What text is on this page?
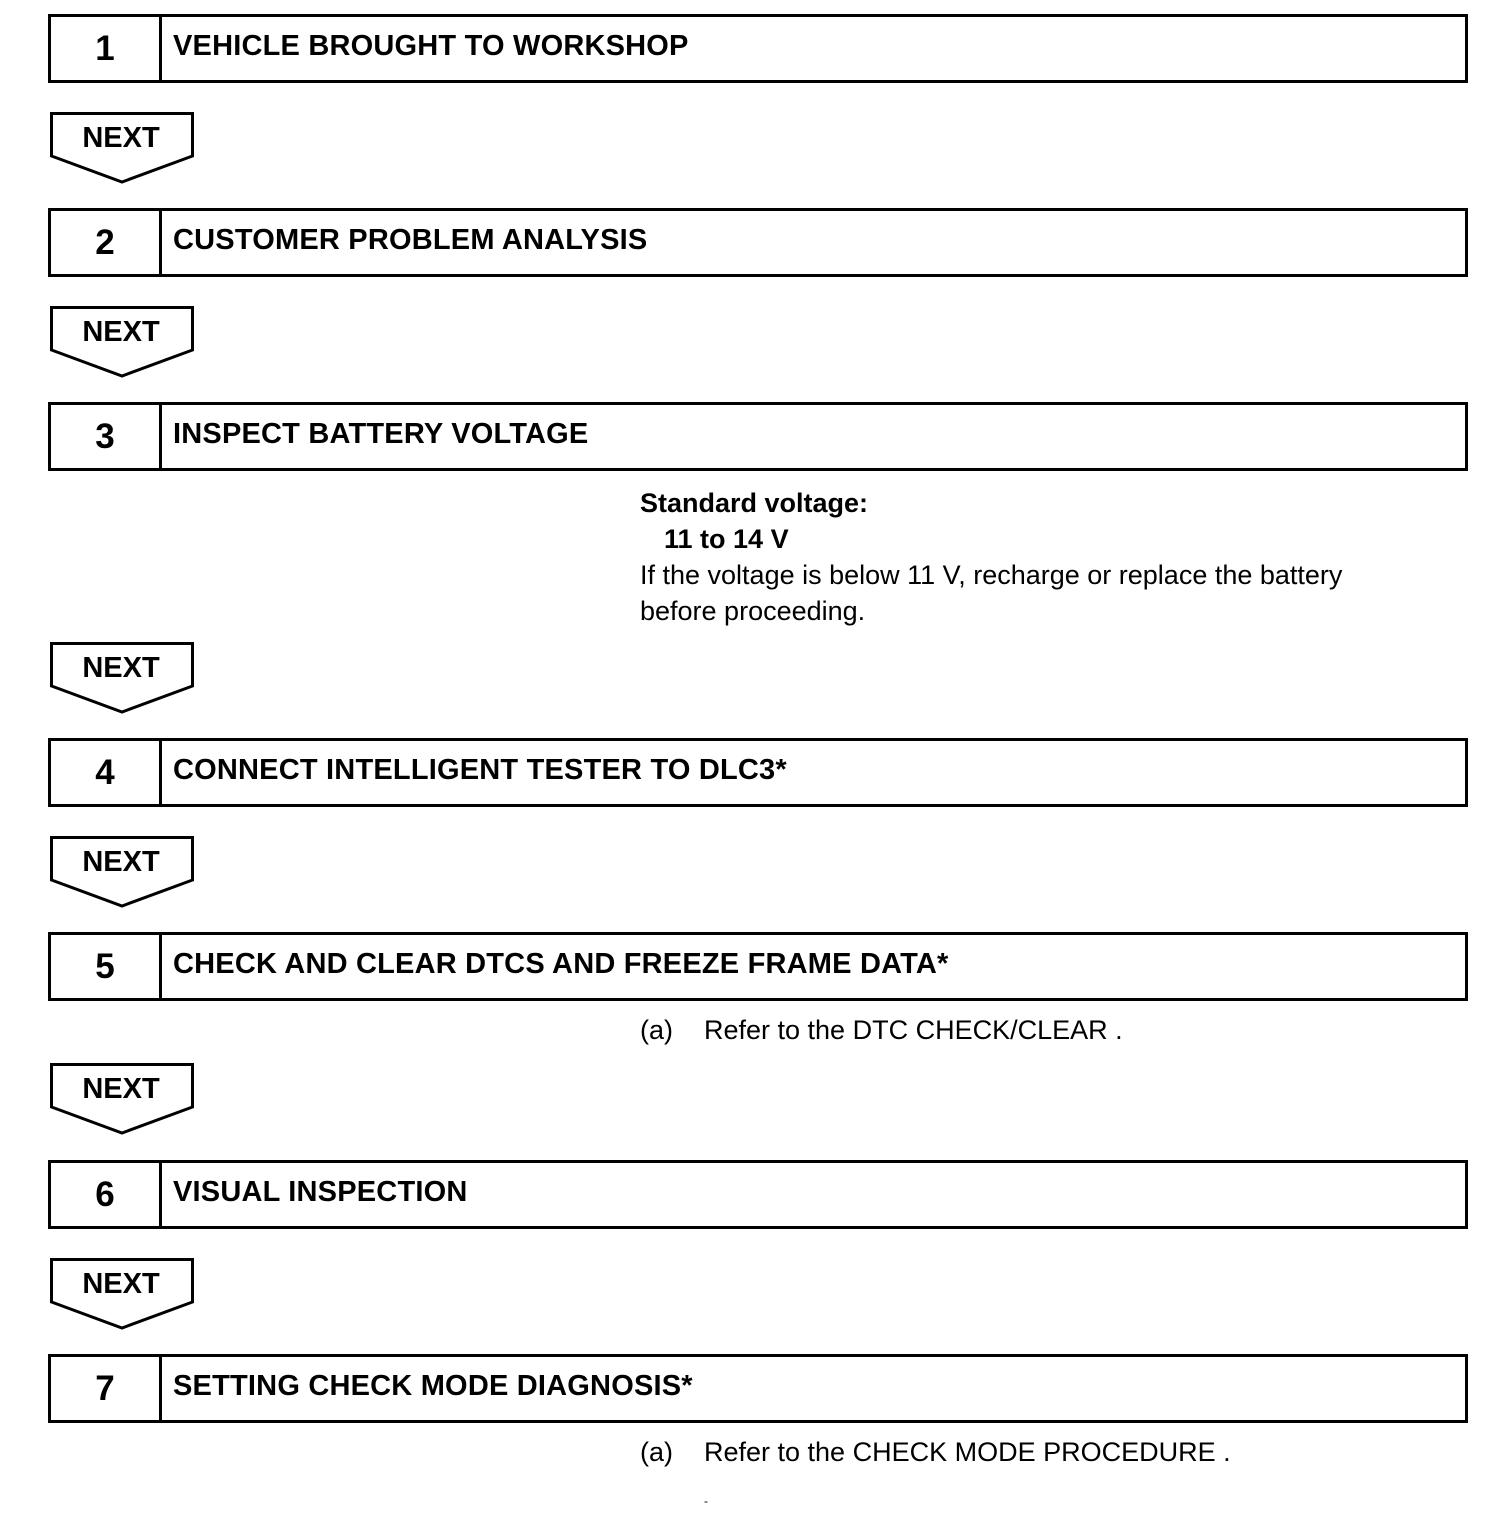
1	VEHICLE BROUGHT TO WORKSHOP
NEXT
2	CUSTOMER PROBLEM ANALYSIS
NEXT
3	INSPECT BATTERY VOLTAGE
Standard voltage:
11 to 14 V
If the voltage is below 11 V, recharge or replace the battery
before proceeding.
NEXT
4	CONNECT INTELLIGENT TESTER TO DLC3*
NEXT
5	CHECK AND CLEAR DTCS AND FREEZE FRAME DATA*
(a) Refer to the DTC CHECK/CLEAR .
NEXT
6	VISUAL INSPECTION
NEXT
7	SETTING CHECK MODE DIAGNOSIS*
(a) Refer to the CHECK MODE PROCEDURE .
-
